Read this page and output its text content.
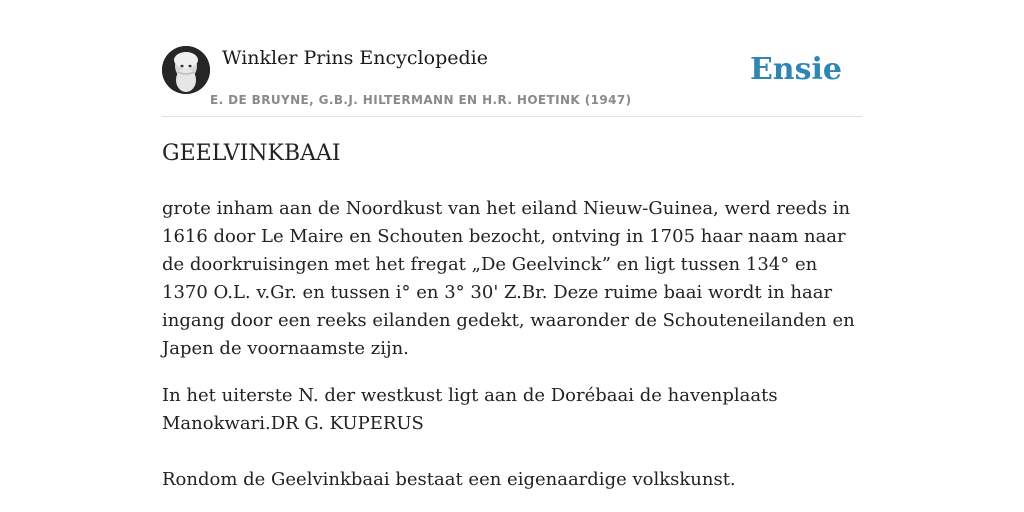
Winkler Prins Encyclopedie
E. DE BRUYNE, G.B.J. HILTERMANN EN H.R. HOETINK (1947)
Ensie
GEELVINKBAAI

grote inham aan de Noordkust van het eiland Nieuw-Guinea, werd reeds in 1616 door Le Maire en Schouten bezocht, ontving in 1705 haar naam naar de doorkruisingen met het fregat „De Geelvinck” en ligt tussen 134° en 1370 O.L. v.Gr. en tussen i° en 3° 30' Z.Br. Deze ruime baai wordt in haar ingang door een reeks eilanden gedekt, waaronder de Schouteneilanden en Japen de voornaamste zijn.

In het uiterste N. der westkust ligt aan de Dorébaai de havenplaats Manokwari.DR G. KUPERUS

Rondom de Geelvinkbaai bestaat een eigenaardige volkskunst.
